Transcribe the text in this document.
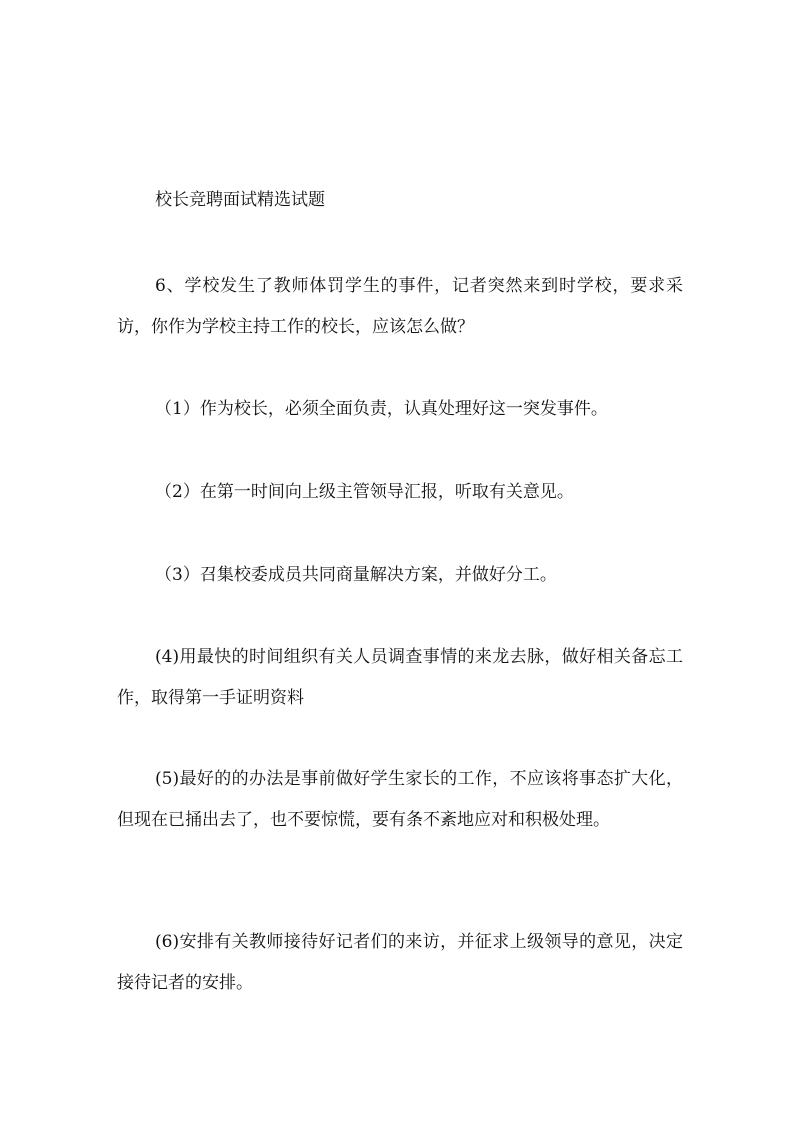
校长竞聘面试精选试题

6、学校发生了教师体罚学生的事件，记者突然来到时学校，要求采访，你作为学校主持工作的校长，应该怎么做？

（1）作为校长，必须全面负责，认真处理好这一突发事件。

（2）在第一时间向上级主管领导汇报，听取有关意见。

（3）召集校委成员共同商量解决方案，并做好分工。

(4)用最快的时间组织有关人员调查事情的来龙去脉，做好相关备忘工作，取得第一手证明资料

(5)最好的的办法是事前做好学生家长的工作，不应该将事态扩大化，但现在已捅出去了，也不要惊慌，要有条不紊地应对和积极处理。

(6)安排有关教师接待好记者们的来访，并征求上级领导的意见，决定接待记者的安排。
